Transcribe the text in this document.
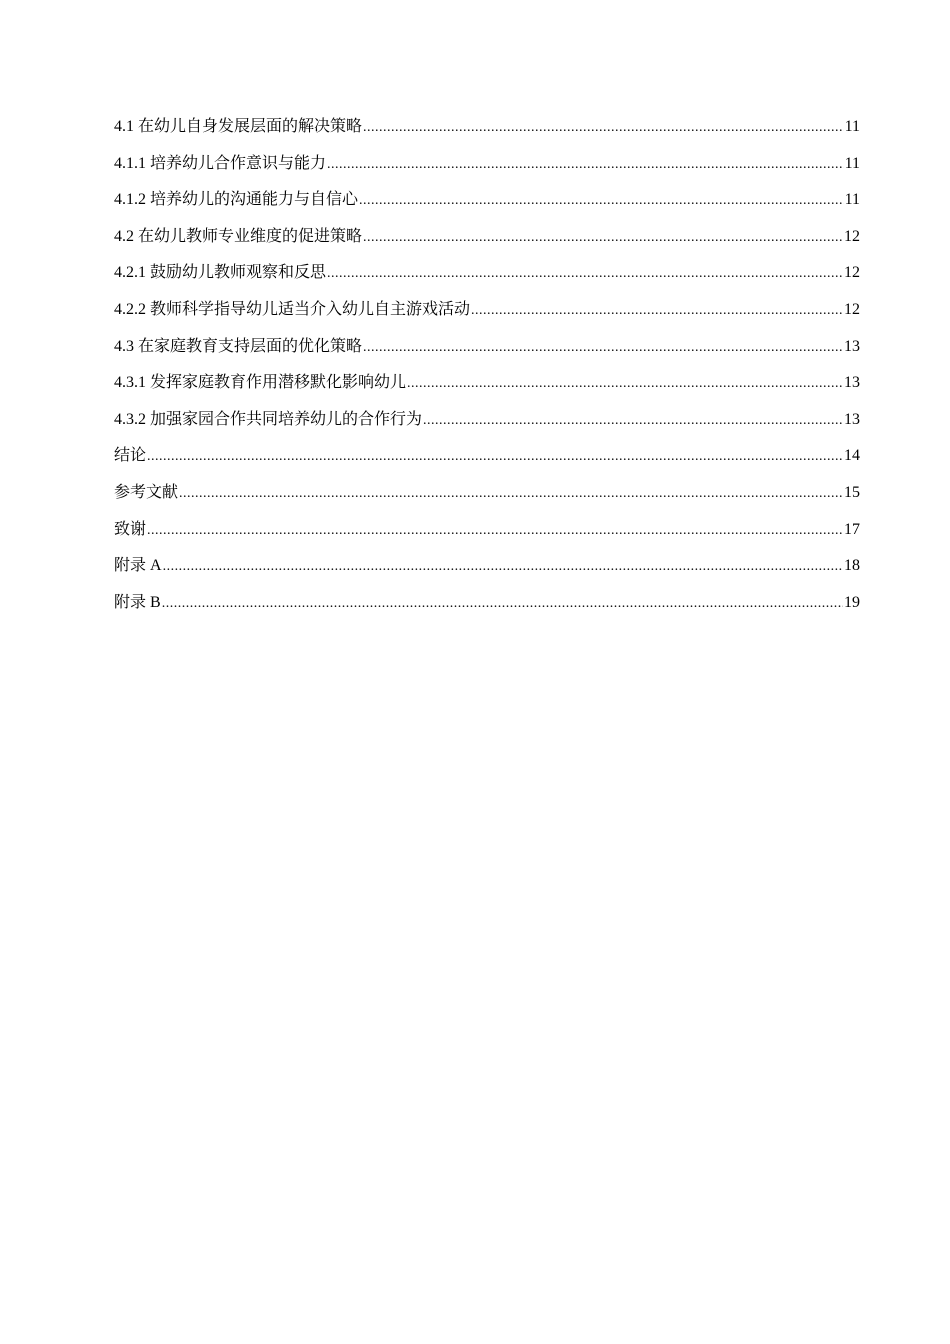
4.1 在幼儿自身发展层面的解决策略 .....	11
4.1.1 培养幼儿合作意识与能力 .....	11
4.1.2 培养幼儿的沟通能力与自信心 .....	11
4.2 在幼儿教师专业维度的促进策略 .....	12
4.2.1 鼓励幼儿教师观察和反思 .....	12
4.2.2 教师科学指导幼儿适当介入幼儿自主游戏活动 .....	12
4.3 在家庭教育支持层面的优化策略 .....	13
4.3.1 发挥家庭教育作用潜移默化影响幼儿 .....	13
4.3.2 加强家园合作共同培养幼儿的合作行为 .....	13
结论 .....	14
参考文献 .....	15
致谢 .....	17
附录 A .....	18
附录 B .....	19
